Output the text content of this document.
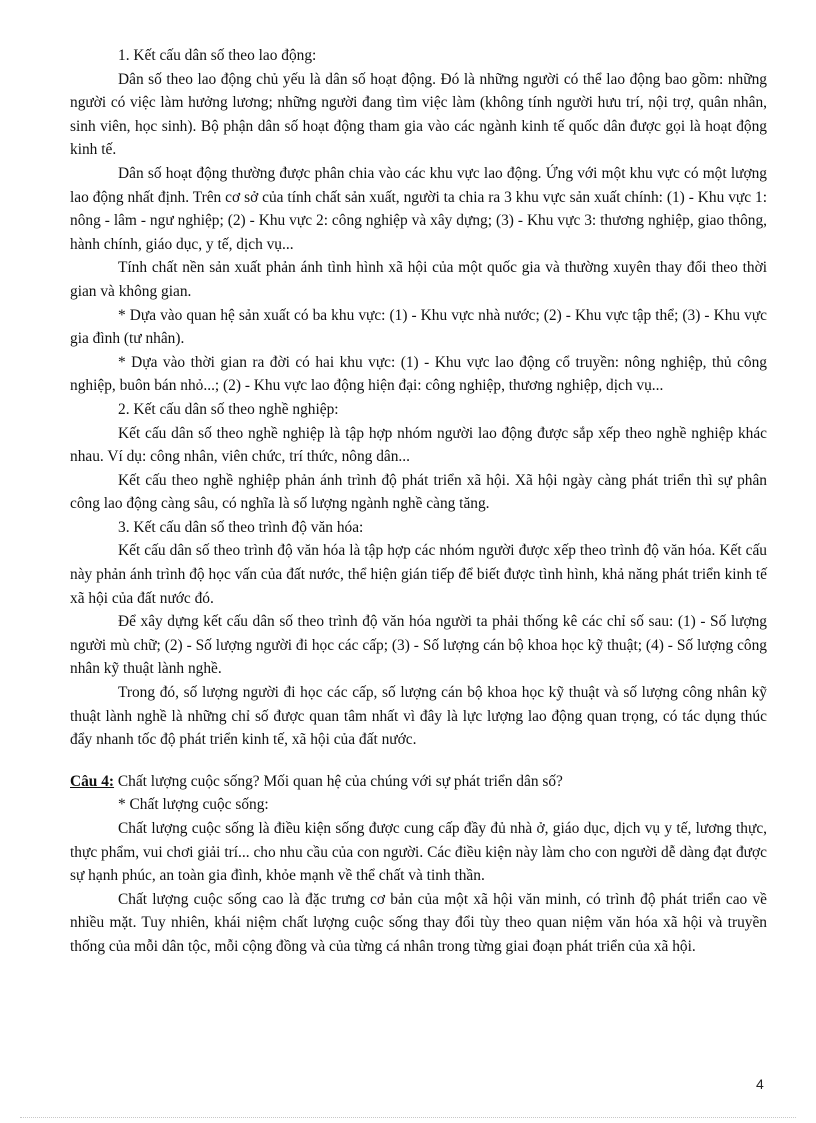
1. Kết cấu dân số theo lao động:

Dân số theo lao động chủ yếu là dân số hoạt động. Đó là những người có thể lao động bao gồm: những người có việc làm hưởng lương; những người đang tìm việc làm (không tính người hưu trí, nội trợ, quân nhân, sinh viên, học sinh). Bộ phận dân số hoạt động tham gia vào các ngành kinh tế quốc dân được gọi là hoạt động kinh tế.

Dân số hoạt động thường được phân chia vào các khu vực lao động. Ứng với một khu vực có một lượng lao động nhất định. Trên cơ sở của tính chất sản xuất, người ta chia ra 3 khu vực sản xuất chính: (1) - Khu vực 1: nông - lâm - ngư nghiệp; (2) - Khu vực 2: công nghiệp và xây dựng; (3) - Khu vực 3: thương nghiệp, giao thông, hành chính, giáo dục, y tế, dịch vụ...

Tính chất nền sản xuất phản ánh tình hình xã hội của một quốc gia và thường xuyên thay đổi theo thời gian và không gian.

* Dựa vào quan hệ sản xuất có ba khu vực: (1) - Khu vực nhà nước; (2) - Khu vực tập thể; (3) - Khu vực gia đình (tư nhân).

* Dựa vào thời gian ra đời có hai khu vực: (1) - Khu vực lao động cổ truyền: nông nghiệp, thủ công nghiệp, buôn bán nhỏ...; (2) - Khu vực lao động hiện đại: công nghiệp, thương nghiệp, dịch vụ...

2. Kết cấu dân số theo nghề nghiệp:

Kết cấu dân số theo nghề nghiệp là tập hợp nhóm người lao động được sắp xếp theo nghề nghiệp khác nhau. Ví dụ: công nhân, viên chức, trí thức, nông dân...

Kết cấu theo nghề nghiệp phản ánh trình độ phát triển xã hội. Xã hội ngày càng phát triển thì sự phân công lao động càng sâu, có nghĩa là số lượng ngành nghề càng tăng.

3. Kết cấu dân số theo trình độ văn hóa:

Kết cấu dân số theo trình độ văn hóa là tập hợp các nhóm người được xếp theo trình độ văn hóa. Kết cấu này phản ánh trình độ học vấn của đất nước, thể hiện gián tiếp để biết được tình hình, khả năng phát triển kinh tế xã hội của đất nước đó.

Để xây dựng kết cấu dân số theo trình độ văn hóa người ta phải thống kê các chỉ số sau: (1) - Số lượng người mù chữ; (2) - Số lượng người đi học các cấp; (3) - Số lượng cán bộ khoa học kỹ thuật; (4) - Số lượng công nhân kỹ thuật lành nghề.

Trong đó, số lượng người đi học các cấp, số lượng cán bộ khoa học kỹ thuật và số lượng công nhân kỹ thuật lành nghề là những chỉ số được quan tâm nhất vì đây là lực lượng lao động quan trọng, có tác dụng thúc đẩy nhanh tốc độ phát triển kinh tế, xã hội của đất nước.

Câu 4: Chất lượng cuộc sống? Mối quan hệ của chúng với sự phát triển dân số?

* Chất lượng cuộc sống:

Chất lượng cuộc sống là điều kiện sống được cung cấp đầy đủ nhà ở, giáo dục, dịch vụ y tế, lương thực, thực phẩm, vui chơi giải trí... cho nhu cầu của con người. Các điều kiện này làm cho con người dễ dàng đạt được sự hạnh phúc, an toàn gia đình, khỏe mạnh về thể chất và tinh thần.

Chất lượng cuộc sống cao là đặc trưng cơ bản của một xã hội văn minh, có trình độ phát triển cao về nhiều mặt. Tuy nhiên, khái niệm chất lượng cuộc sống thay đổi tùy theo quan niệm văn hóa xã hội và truyền thống của mỗi dân tộc, mỗi cộng đồng và của từng cá nhân trong từng giai đoạn phát triển của xã hội.

4
